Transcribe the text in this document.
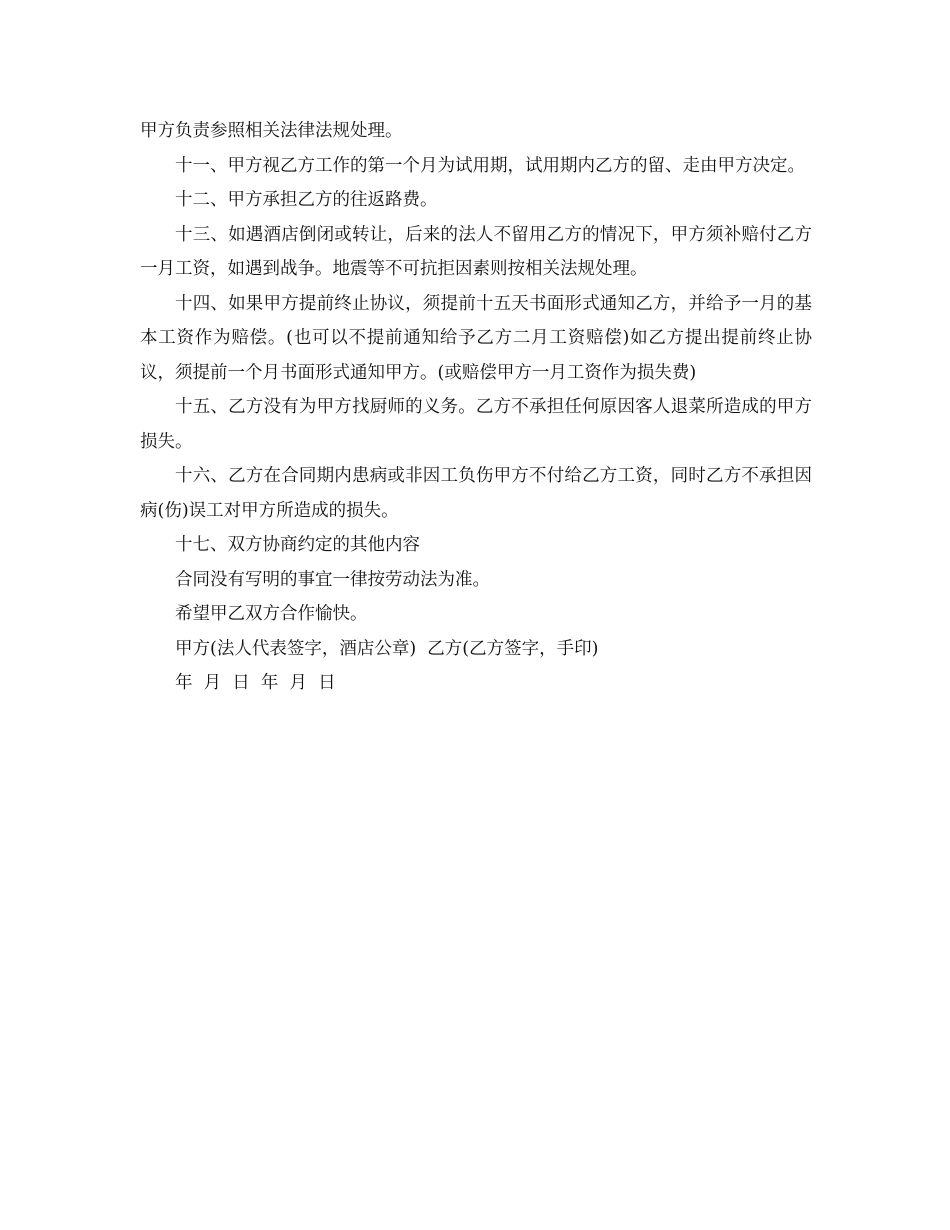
甲方负责参照相关法律法规处理。

十一、甲方视乙方工作的第一个月为试用期，试用期内乙方的留、走由甲方决定。

十二、甲方承担乙方的往返路费。

十三、如遇酒店倒闭或转让，后来的法人不留用乙方的情况下，甲方须补赔付乙方一月工资，如遇到战争。地震等不可抗拒因素则按相关法规处理。

十四、如果甲方提前终止协议，须提前十五天书面形式通知乙方，并给予一月的基本工资作为赔偿。(也可以不提前通知给予乙方二月工资赔偿)如乙方提出提前终止协议，须提前一个月书面形式通知甲方。(或赔偿甲方一月工资作为损失费)

十五、乙方没有为甲方找厨师的义务。乙方不承担任何原因客人退菜所造成的甲方损失。

十六、乙方在合同期内患病或非因工负伤甲方不付给乙方工资，同时乙方不承担因病(伤)误工对甲方所造成的损失。

十七、双方协商约定的其他内容

合同没有写明的事宜一律按劳动法为准。

希望甲乙双方合作愉快。

甲方(法人代表签字，酒店公章)  乙方(乙方签字，手印)

年  月  日  年  月  日
